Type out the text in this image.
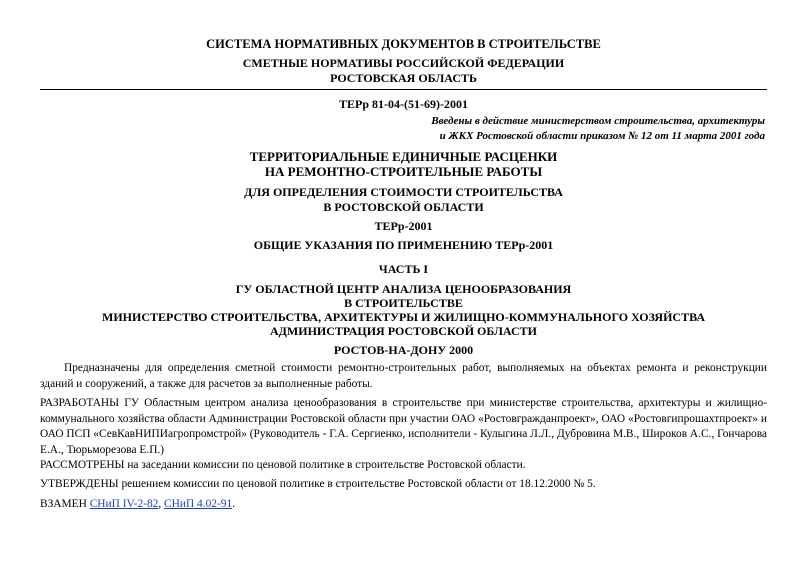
СИСТЕМА НОРМАТИВНЫХ ДОКУМЕНТОВ В СТРОИТЕЛЬСТВЕ
СМЕТНЫЕ НОРМАТИВЫ РОССИЙСКОЙ ФЕДЕРАЦИИ
РОСТОВСКАЯ ОБЛАСТЬ
ТЕРр 81-04-(51-69)-2001
Введены в действие министерством строительства, архитектуры
и ЖКХ Ростовской области приказом № 12 от 11 марта 2001 года
ТЕРРИТОРИАЛЬНЫЕ ЕДИНИЧНЫЕ РАСЦЕНКИ
НА РЕМОНТНО-СТРОИТЕЛЬНЫЕ РАБОТЫ
ДЛЯ ОПРЕДЕЛЕНИЯ СТОИМОСТИ СТРОИТЕЛЬСТВА
В РОСТОВСКОЙ ОБЛАСТИ
ТЕРр-2001
ОБЩИЕ УКАЗАНИЯ ПО ПРИМЕНЕНИЮ ТЕРр-2001
ЧАСТЬ I
ГУ ОБЛАСТНОЙ ЦЕНТР АНАЛИЗА ЦЕНООБРАЗОВАНИЯ
В СТРОИТЕЛЬСТВЕ
МИНИСТЕРСТВО СТРОИТЕЛЬСТВА, АРХИТЕКТУРЫ И ЖИЛИЩНО-КОММУНАЛЬНОГО ХОЗЯЙСТВА
АДМИНИСТРАЦИЯ РОСТОВСКОЙ ОБЛАСТИ
РОСТОВ-НА-ДОНУ 2000
Предназначены для определения сметной стоимости ремонтно-строительных работ, выполняемых на объектах ремонта и реконструкции зданий и сооружений, а также для расчетов за выполненные работы.
РАЗРАБОТАНЫ ГУ Областным центром анализа ценообразования в строительстве при министерстве строительства, архитектуры и жилищно-коммунального хозяйства области Администрации Ростовской области при участии ОАО «Ростовгражданпроект», ОАО «Ростовгипрошахтпроект» и ОАО ПСП «СевКавНИПИагропромстрой» (Руководитель - Г.А. Сергиенко, исполнители - Кулыгина Л.Л., Дубровина М.В., Широков А.С., Гончарова Е.А., Тюрьморезова Е.П.)
РАССМОТРЕНЫ на заседании комиссии по ценовой политике в строительстве Ростовской области.
УТВЕРЖДЕНЫ решением комиссии по ценовой политике в строительстве Ростовской области от 18.12.2000 № 5.
ВЗАМЕН СНиП IV-2-82, СНиП 4.02-91.
